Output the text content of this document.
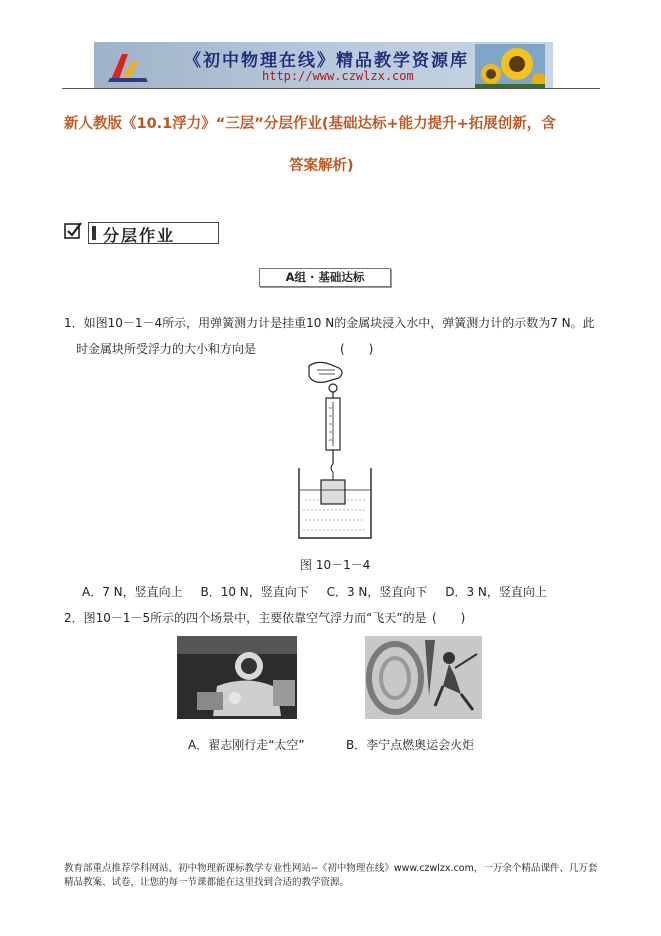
《初中物理在线》精品教学资源库
http://www.czwlzx.com
新人教版《10.1浮力》“三层”分层作业(基础达标+能力提升+拓展创新，含
答案解析)
分层作业
A组 · 基础达标
1．如图10－1－4所示，用弹簧测力计是挂重10 N的金属块浸入水中，弹簧测力计的示数为7 N。此
时金属块所受浮力的大小和方向是	(　　)
图 10－1－4
A．7 N，竖直向上 B．10 N，竖直向下 C．3 N，竖直向下 D．3 N，竖直向上
2．图10－1－5所示的四个场景中，主要依靠空气浮力而“飞天”的是 (　　)
A．翟志刚行走“太空”	B．李宁点燃奥运会火炬
教育部重点推荐学科网站、初中物理新课标教学专业性网站--《初中物理在线》www.czwlzx.com，一万余个精品课件、几万套精品教案、试卷，让您的每一节课都能在这里找到合适的教学资源。
